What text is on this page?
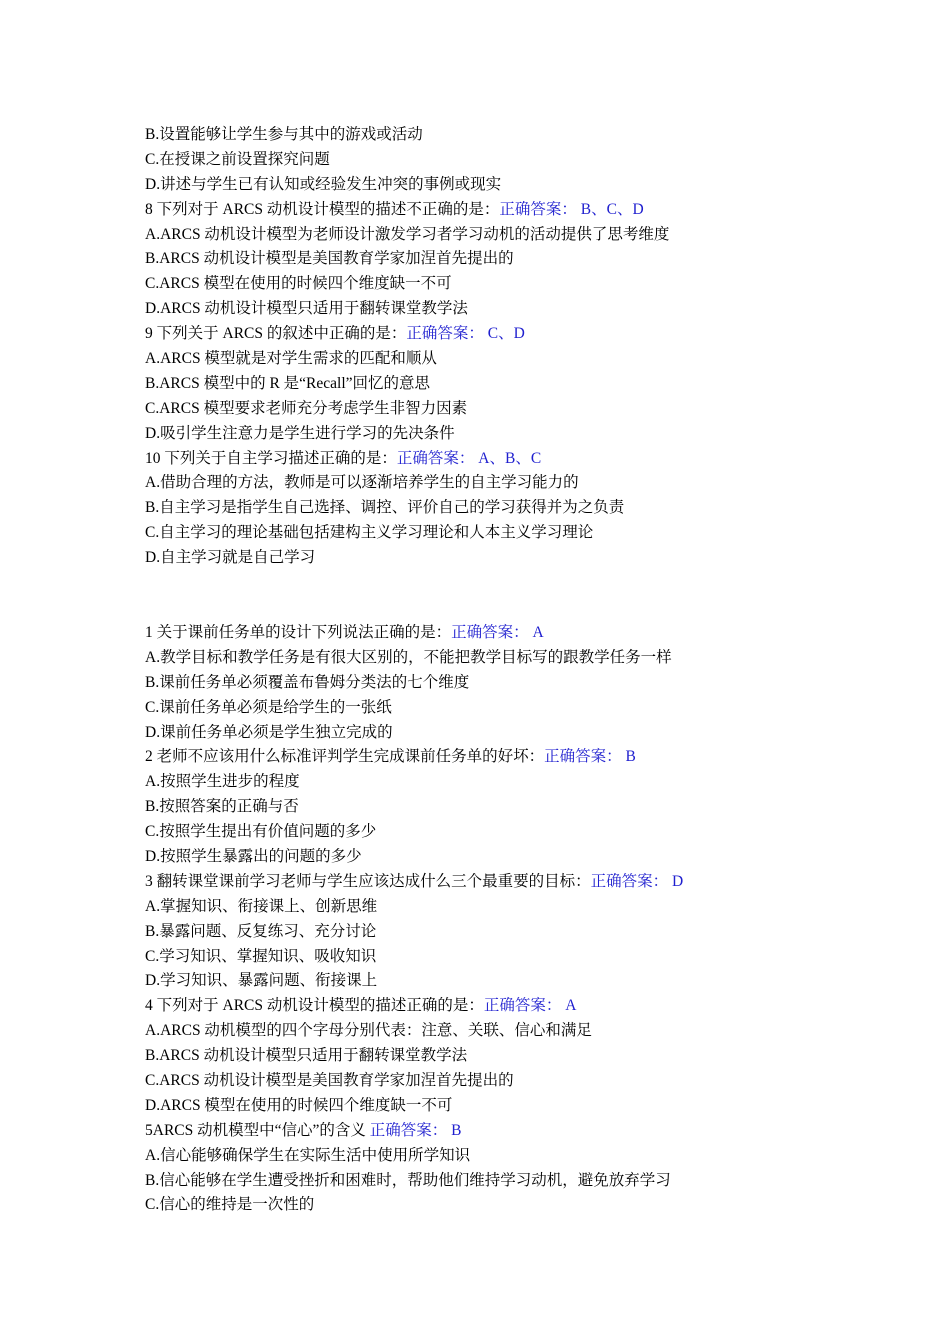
B.设置能够让学生参与其中的游戏或活动
C.在授课之前设置探究问题
D.讲述与学生已有认知或经验发生冲突的事例或现实
8 下列对于 ARCS 动机设计模型的描述不正确的是：正确答案： B、C、D
A.ARCS 动机设计模型为老师设计激发学习者学习动机的活动提供了思考维度
B.ARCS 动机设计模型是美国教育学家加涅首先提出的
C.ARCS 模型在使用的时候四个维度缺一不可
D.ARCS 动机设计模型只适用于翻转课堂教学法
9 下列关于 ARCS 的叙述中正确的是：正确答案： C、D
A.ARCS 模型就是对学生需求的匹配和顺从
B.ARCS 模型中的 R 是“Recall”回忆的意思
C.ARCS 模型要求老师充分考虑学生非智力因素
D.吸引学生注意力是学生进行学习的先决条件
10 下列关于自主学习描述正确的是：正确答案： A、B、C
A.借助合理的方法，教师是可以逐渐培养学生的自主学习能力的
B.自主学习是指学生自己选择、调控、评价自己的学习获得并为之负责
C.自主学习的理论基础包括建构主义学习理论和人本主义学习理论
D.自主学习就是自己学习
1 关于课前任务单的设计下列说法正确的是：正确答案： A
A.教学目标和教学任务是有很大区别的，不能把教学目标写的跟教学任务一样
B.课前任务单必须覆盖布鲁姆分类法的七个维度
C.课前任务单必须是给学生的一张纸
D.课前任务单必须是学生独立完成的
2 老师不应该用什么标准评判学生完成课前任务单的好坏：正确答案： B
A.按照学生进步的程度
B.按照答案的正确与否
C.按照学生提出有价值问题的多少
D.按照学生暴露出的问题的多少
3 翻转课堂课前学习老师与学生应该达成什么三个最重要的目标：正确答案： D
A.掌握知识、衔接课上、创新思维
B.暴露问题、反复练习、充分讨论
C.学习知识、掌握知识、吸收知识
D.学习知识、暴露问题、衔接课上
4 下列对于 ARCS 动机设计模型的描述正确的是：正确答案： A
A.ARCS 动机模型的四个字母分别代表：注意、关联、信心和满足
B.ARCS 动机设计模型只适用于翻转课堂教学法
C.ARCS 动机设计模型是美国教育学家加涅首先提出的
D.ARCS 模型在使用的时候四个维度缺一不可
5ARCS 动机模型中“信心”的含义 正确答案： B
A.信心能够确保学生在实际生活中使用所学知识
B.信心能够在学生遭受挫折和困难时，帮助他们维持学习动机，避免放弃学习
C.信心的维持是一次性的
